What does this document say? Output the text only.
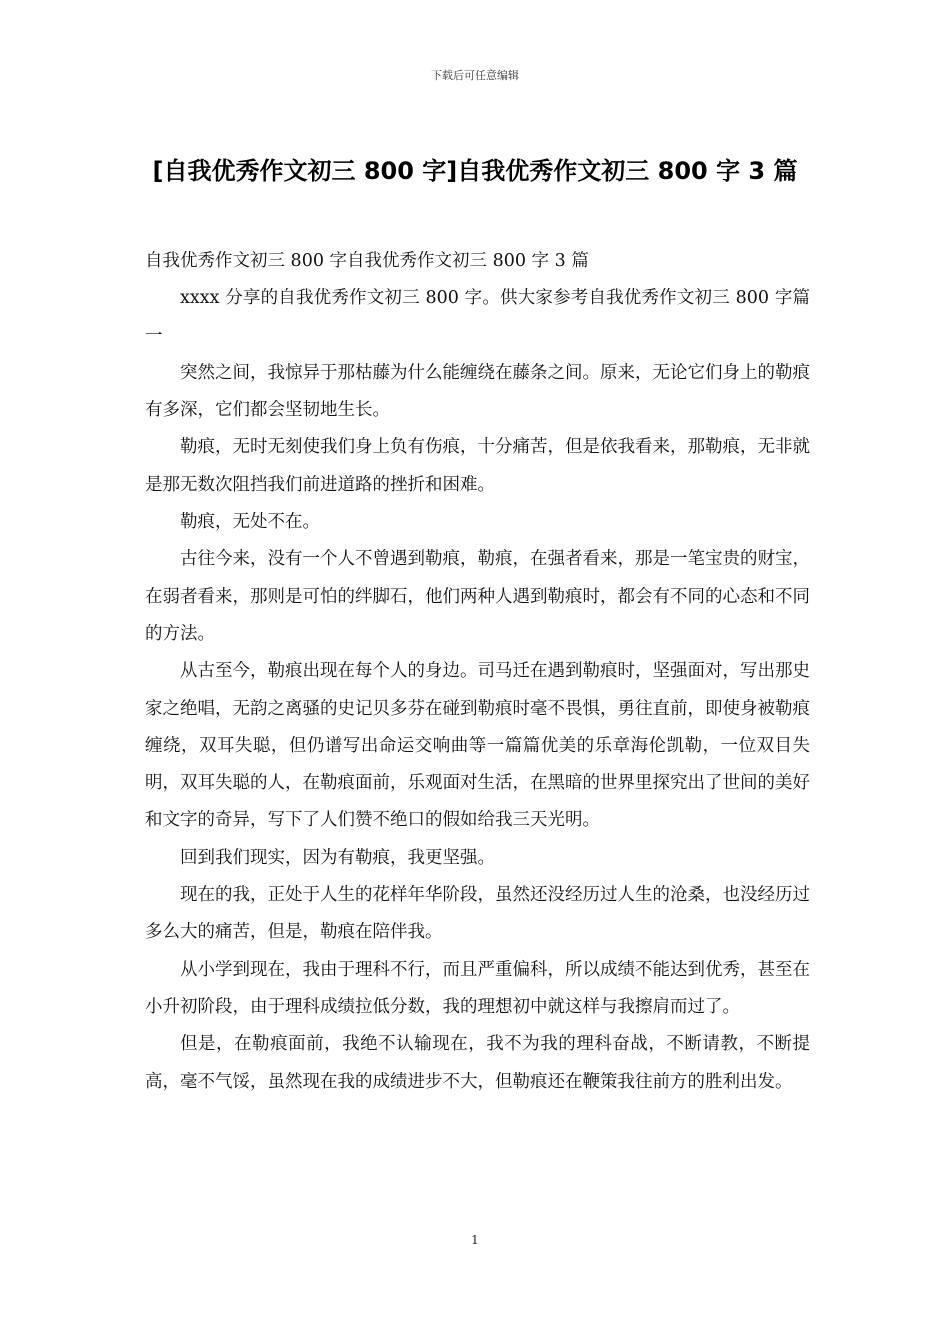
下载后可任意编辑
[自我优秀作文初三 800 字]自我优秀作文初三 800 字 3 篇

自我优秀作文初三 800 字自我优秀作文初三 800 字 3 篇

xxxx 分享的自我优秀作文初三 800 字。供大家参考自我优秀作文初三 800 字篇一

突然之间，我惊异于那枯藤为什么能缠绕在藤条之间。原来，无论它们身上的勒痕有多深，它们都会坚韧地生长。

勒痕，无时无刻使我们身上负有伤痕，十分痛苦，但是依我看来，那勒痕，无非就是那无数次阻挡我们前进道路的挫折和困难。

勒痕，无处不在。

古往今来，没有一个人不曾遇到勒痕，勒痕，在强者看来，那是一笔宝贵的财宝，在弱者看来，那则是可怕的绊脚石，他们两种人遇到勒痕时，都会有不同的心态和不同的方法。

从古至今，勒痕出现在每个人的身边。司马迁在遇到勒痕时，坚强面对，写出那史家之绝唱，无韵之离骚的史记贝多芬在碰到勒痕时毫不畏惧，勇往直前，即使身被勒痕缠绕，双耳失聪，但仍谱写出命运交响曲等一篇篇优美的乐章海伦凯勒，一位双目失明，双耳失聪的人，在勒痕面前，乐观面对生活，在黑暗的世界里探究出了世间的美好和文字的奇异，写下了人们赞不绝口的假如给我三天光明。

回到我们现实，因为有勒痕，我更坚强。

现在的我，正处于人生的花样年华阶段，虽然还没经历过人生的沧桑，也没经历过多么大的痛苦，但是，勒痕在陪伴我。

从小学到现在，我由于理科不行，而且严重偏科，所以成绩不能达到优秀，甚至在小升初阶段，由于理科成绩拉低分数，我的理想初中就这样与我擦肩而过了。

但是，在勒痕面前，我绝不认输现在，我不为我的理科奋战，不断请教，不断提高，毫不气馁，虽然现在我的成绩进步不大，但勒痕还在鞭策我往前方的胜利出发。

1
